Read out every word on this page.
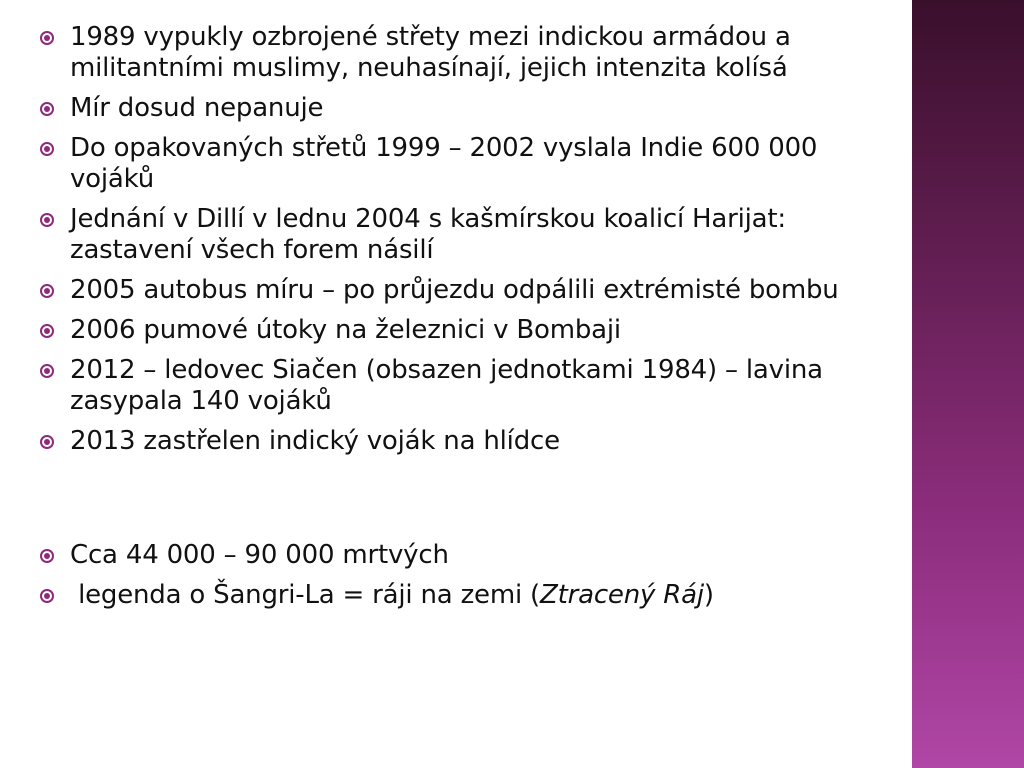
1989 vypukly ozbrojené střety mezi indickou armádou a militantními muslimy, neuhasínají, jejich intenzita kolísá
Mír dosud nepanuje
Do opakovaných střetů 1999 – 2002 vyslala Indie 600 000 vojáků
Jednání v Dillí v lednu 2004 s kašmírskou koalicí Harijat: zastavení všech forem násilí
2005 autobus míru – po průjezdu odpálili extrémisté bombu
2006 pumové útoky na železnici v Bombaji
2012 – ledovec Siačen (obsazen jednotkami 1984) – lavina zasypala 140 vojáků
2013 zastřelen indický voják na hlídce
Cca 44 000 – 90 000 mrtvých
legenda o Šangri-La = ráji na zemi (Ztracený Ráj)
